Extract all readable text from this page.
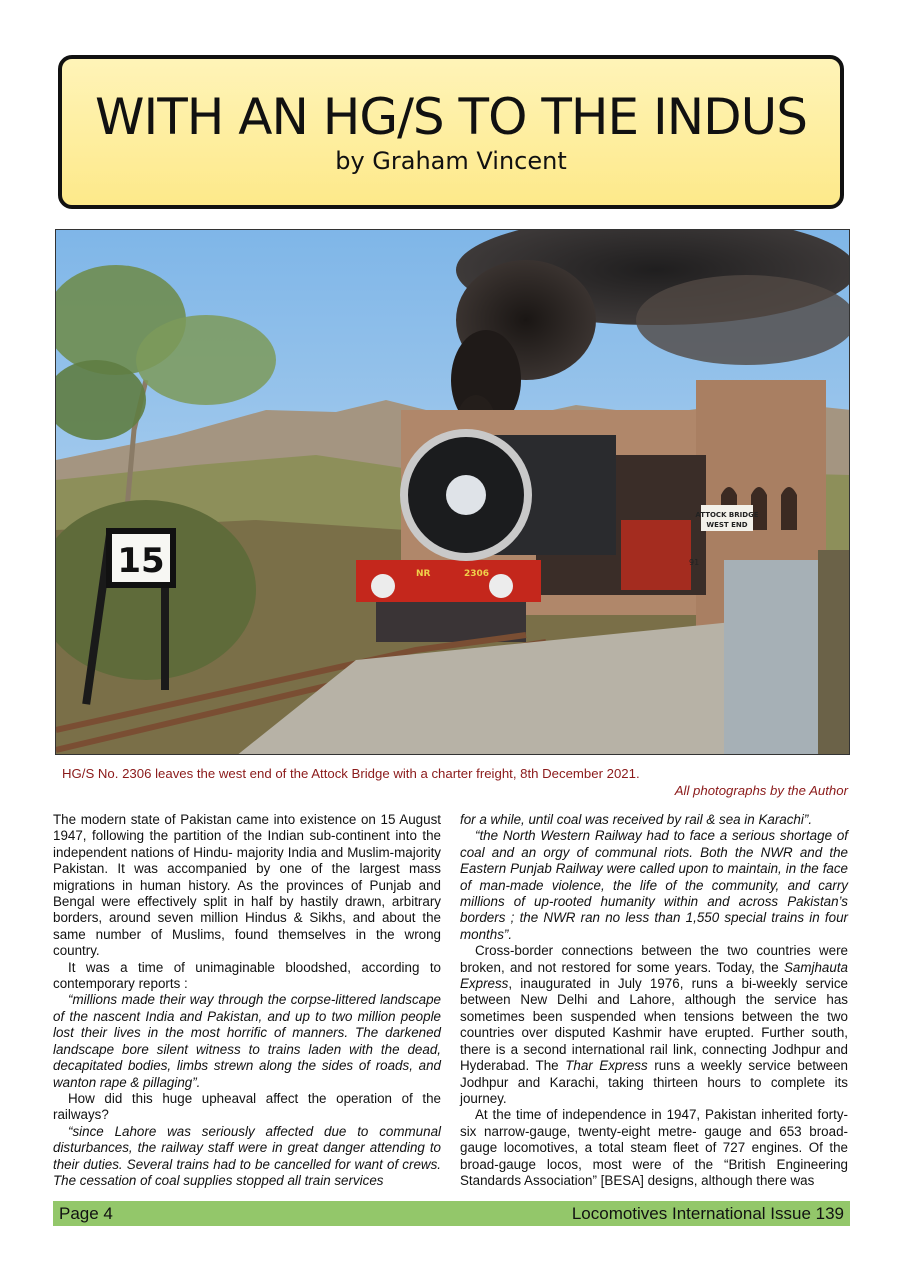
WITH AN HG/S TO THE INDUS
by Graham Vincent
15	NR	2306
ATTOCK BRIDGE
WEST END
91
HG/S No. 2306 leaves the west end of the Attock Bridge with a charter freight, 8th December 2021.
All photographs by the Author

The modern state of Pakistan came into existence on 15 August 1947, following the partition of the Indian sub-continent into the independent nations of Hindu- majority India and Muslim-majority Pakistan. It was accompanied by one of the largest mass migrations in human history. As the provinces of Punjab and Bengal were effectively split in half by hastily drawn, arbitrary borders, around seven million Hindus & Sikhs, and about the same number of Muslims, found themselves in the wrong country.

It was a time of unimaginable bloodshed, according to contemporary reports :

“millions made their way through the corpse-littered landscape of the nascent India and Pakistan, and up to two million people lost their lives in the most horrific of manners. The darkened landscape bore silent witness to trains laden with the dead, decapitated bodies, limbs strewn along the sides of roads, and wanton rape & pillaging”.

How did this huge upheaval affect the operation of the railways?

“since Lahore was seriously affected due to communal disturbances, the railway staff were in great danger attending to their duties. Several trains had to be cancelled for want of crews. The cessation of coal supplies stopped all train services

for a while, until coal was received by rail & sea in Karachi”.

“the North Western Railway had to face a serious shortage of coal and an orgy of communal riots. Both the NWR and the Eastern Punjab Railway were called upon to maintain, in the face of man-made violence, the life of the community, and carry millions of up-rooted humanity within and across Pakistan’s borders ; the NWR ran no less than 1,550 special trains in four months”.

Cross-border connections between the two countries were broken, and not restored for some years. Today, the Samjhauta Express, inaugurated in July 1976, runs a bi-weekly service between New Delhi and Lahore, although the service has sometimes been suspended when tensions between the two countries over disputed Kashmir have erupted. Further south, there is a second international rail link, connecting Jodhpur and Hyderabad. The Thar Express runs a weekly service between Jodhpur and Karachi, taking thirteen hours to complete its journey.

At the time of independence in 1947, Pakistan inherited forty-six narrow-gauge, twenty-eight metre- gauge and 653 broad-gauge locomotives, a total steam fleet of 727 engines. Of the broad-gauge locos, most were of the “British Engineering Standards Association” [BESA] designs, although there was

Page 4	Locomotives International Issue 139
